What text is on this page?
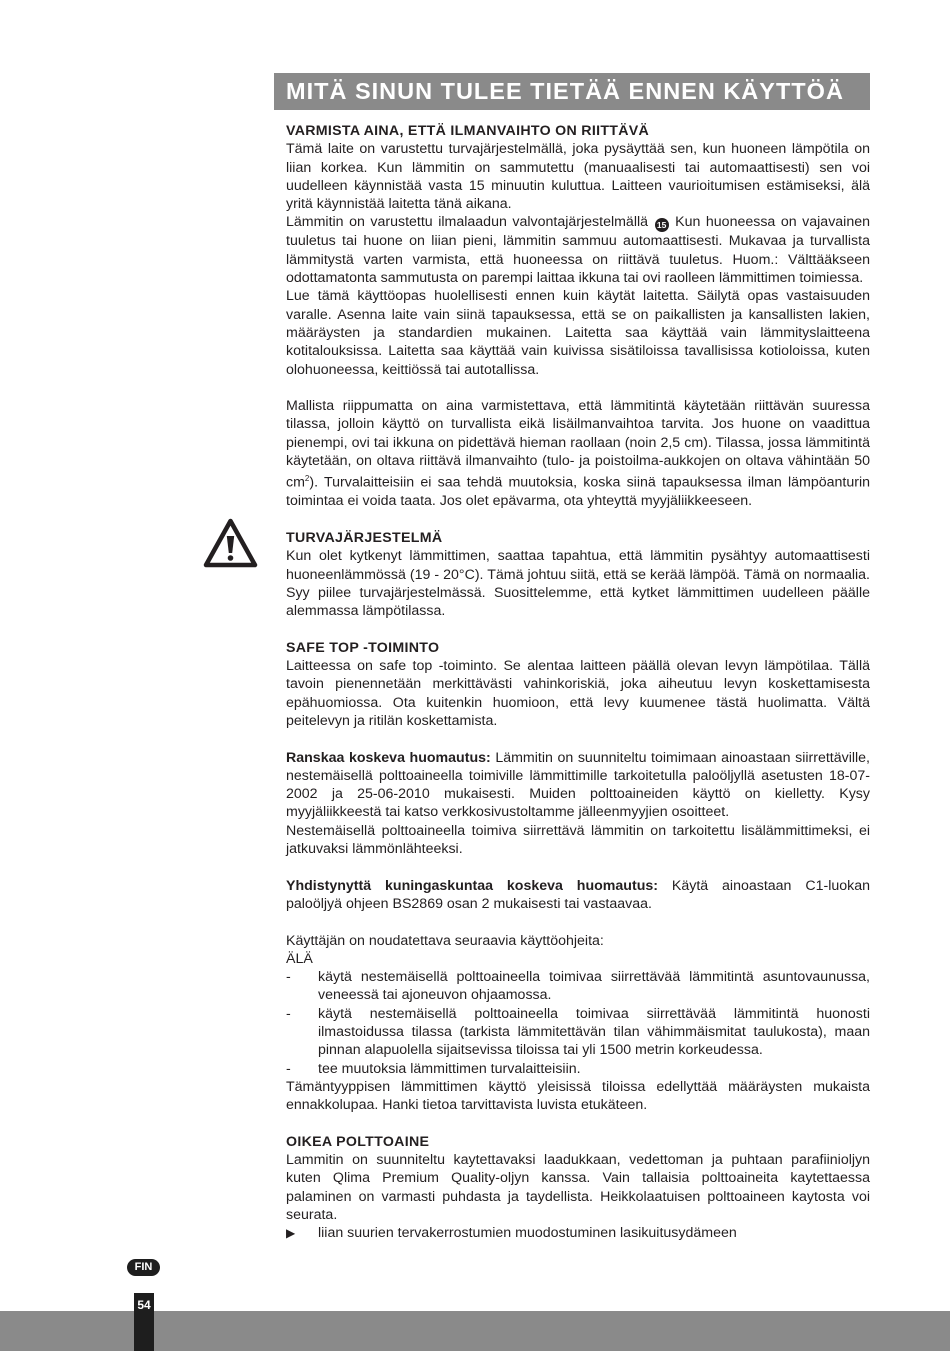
MITÄ SINUN TULEE TIETÄÄ ENNEN KÄYTTÖÄ
VARMISTA AINA, ETTÄ ILMANVAIHTO ON RIITTÄVÄ

Tämä laite on varustettu turvajärjestelmällä, joka pysäyttää sen, kun huoneen lämpötila on liian korkea. Kun lämmitin on sammutettu (manuaalisesti tai automaattisesti) sen voi uudelleen käynnistää vasta 15 minuutin kuluttua. Laitteen vaurioitumisen estämiseksi, älä yritä käynnistää laitetta tänä aikana.

Lämmitin on varustettu ilmalaadun valvontajärjestelmällä 15 Kun huoneessa on vajavainen tuuletus tai huone on liian pieni, lämmitin sammuu automaattisesti. Mukavaa ja turvallista lämmitystä varten varmista, että huoneessa on riittävä tuuletus. Huom.: Välttääkseen odottamatonta sammutusta on parempi laittaa ikkuna tai ovi raolleen lämmittimen toimiessa.

Lue tämä käyttöopas huolellisesti ennen kuin käytät laitetta. Säilytä opas vastaisuuden varalle. Asenna laite vain siinä tapauksessa, että se on paikallisten ja kansallisten lakien, määräysten ja standardien mukainen. Laitetta saa käyttää vain lämmityslaitteena kotitalouksissa. Laitetta saa käyttää vain kuivissa sisätiloissa tavallisissa kotioloissa, kuten olohuoneessa, keittiössä tai autotallissa.

Mallista riippumatta on aina varmistettava, että lämmitintä käytetään riittävän suuressa tilassa, jolloin käyttö on turvallista eikä lisäilmanvaihtoa tarvita. Jos huone on vaadittua pienempi, ovi tai ikkuna on pidettävä hieman raollaan (noin 2,5 cm). Tilassa, jossa lämmitintä käytetään, on oltava riittävä ilmanvaihto (tulo- ja poistoilma-aukkojen on oltava vähintään 50 $cm^2$). Turvalaitteisiin ei saa tehdä muutoksia, koska siinä tapauksessa ilman lämpöanturin toimintaa ei voida taata. Jos olet epävarma, ota yhteyttä myyjäliikkeeseen.

TURVAJÄRJESTELMÄ

Kun olet kytkenyt lämmittimen, saattaa tapahtua, että lämmitin pysähtyy automaattisesti huoneenlämmössä (19 - 20°C). Tämä johtuu siitä, että se kerää lämpöä. Tämä on normaalia. Syy piilee turvajärjestelmässä. Suosittelemme, että kytket lämmittimen uudelleen päälle alemmassa lämpötilassa.

SAFE TOP -TOIMINTO

Laitteessa on safe top -toiminto. Se alentaa laitteen päällä olevan levyn lämpötilaa. Tällä tavoin pienennetään merkittävästi vahinkoriskiä, joka aiheutuu levyn koskettamisesta epähuomiossa. Ota kuitenkin huomioon, että levy kuumenee tästä huolimatta. Vältä peitelevyn ja ritilän koskettamista.

Ranskaa koskeva huomautus: Lämmitin on suunniteltu toimimaan ainoastaan siirrettäville, nestemäisellä polttoaineella toimiville lämmittimille tarkoitetulla paloöljyllä asetusten 18-07-2002 ja 25-06-2010 mukaisesti. Muiden polttoaineiden käyttö on kielletty. Kysy myyjäliikkeestä tai katso verkkosivustoltamme jälleenmyyjien osoitteet.

Nestemäisellä polttoaineella toimiva siirrettävä lämmitin on tarkoitettu lisälämmittimeksi, ei jatkuvaksi lämmönlähteeksi.

Yhdistynyttä kuningaskuntaa koskeva huomautus: Käytä ainoastaan C1-luokan paloöljyä ohjeen BS2869 osan 2 mukaisesti tai vastaavaa.

Käyttäjän on noudatettava seuraavia käyttöohjeita:

ÄLÄ

- käytä nestemäisellä polttoaineella toimivaa siirrettävää lämmitintä asuntovaunussa, veneessä tai ajoneuvon ohjaamossa.
- käytä nestemäisellä polttoaineella toimivaa siirrettävää lämmitintä huonosti ilmastoidussa tilassa (tarkista lämmitettävän tilan vähimmäismitat taulukosta), maan pinnan alapuolella sijaitsevissa tiloissa tai yli 1500 metrin korkeudessa.
- tee muutoksia lämmittimen turvalaitteisiin.

Tämäntyyppisen lämmittimen käyttö yleisissä tiloissa edellyttää määräysten mukaista ennakkolupaa. Hanki tietoa tarvittavista luvista etukäteen.

OIKEA POLTTOAINE

Lammitin on suunniteltu kaytettavaksi laadukkaan, vedettoman ja puhtaan parafiinioljyn kuten Qlima Premium Quality-oljyn kanssa. Vain tallaisia polttoaineita kaytettaessa palaminen on varmasti puhdasta ja taydellista. Heikkolaatuisen polttoaineen kaytosta voi seurata.

▶ liian suurien tervakerrostumien muodostuminen lasikuitusydämeen
FIN
54
